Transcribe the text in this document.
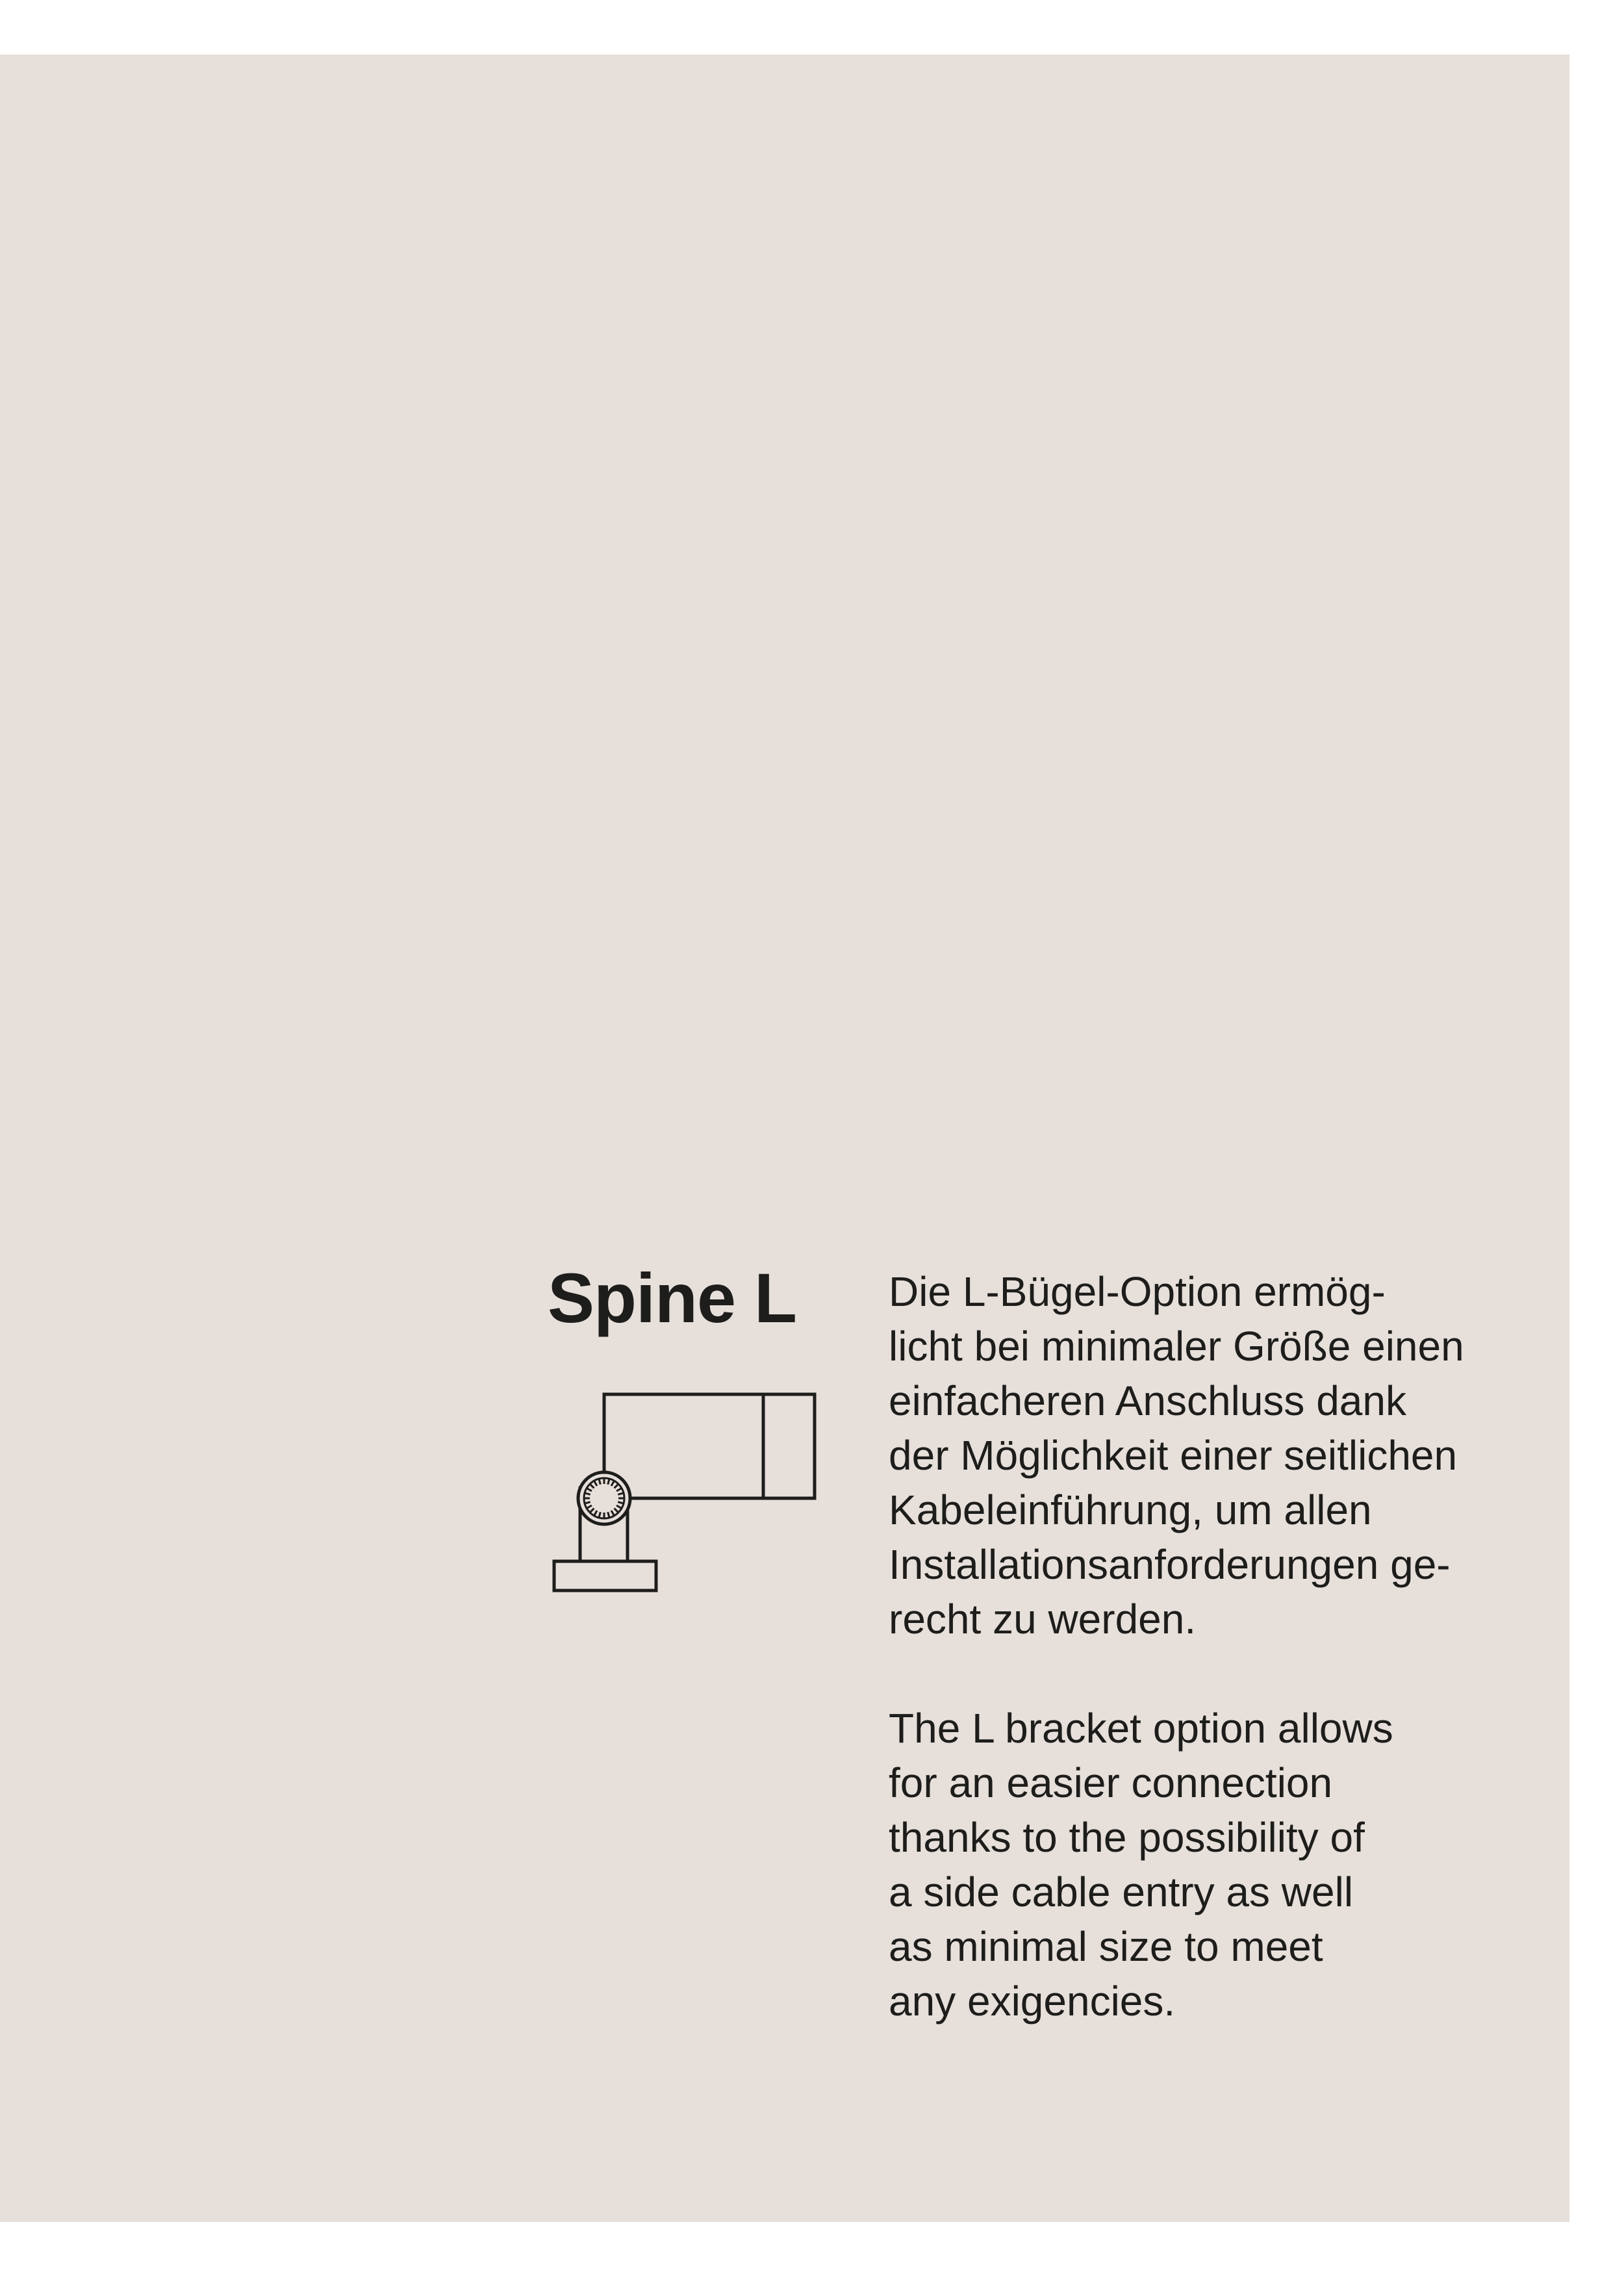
Spine L Die L-Bügel-Option ermög-
licht bei minimaler Größe einen
einfacheren Anschluss dank
der Möglichkeit einer seitlichen
Kabeleinführung, um allen
Installationsanforderungen ge-
recht zu werden.
The L bracket option allows
for an easier connection
thanks to the possibility of
a side cable entry as well
as minimal size to meet
any exigencies.
